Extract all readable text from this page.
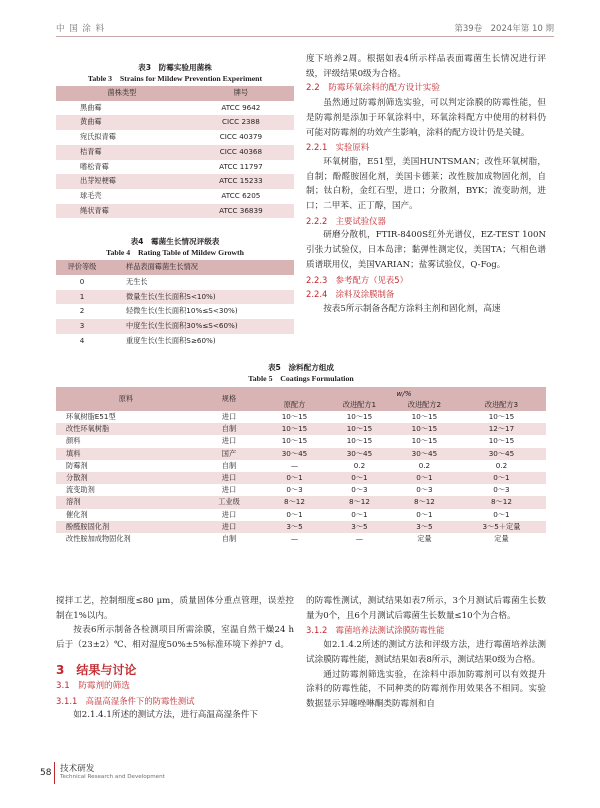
中 国 涂 料	第39卷　2024年第 10 期
表3　防霉实验用菌株
Table 3　Strains for Mildew Prevention Experiment
菌株类型	牌号
黑曲霉	ATCC 9642
黄曲霉	CICC 2388
宛氏拟青霉	CICC 40379
桔青霉	CICC 40368
嗜松青霉	ATCC 11797
出芽短梗霉	ATCC 15233
球毛壳	ATCC 6205
绳状青霉	ATCC 36839
表4　霉菌生长情况评级表
Table 4　Rating Table of Mildew Growth
评价等级	样品表面霉菌生长情况
0	无生长
1	微量生长(生长面积S<10%)
2	轻微生长(生长面积10%≤S<30%)
3	中度生长(生长面积30%≤S<60%)
4	重度生长(生长面积S≥60%)

度下培养2周。根据如表4所示样品表面霉菌生长情况进行评级，评级结果0级为合格。

2.2　防霉环氧涂料的配方设计实验

虽然通过防霉剂筛选实验，可以判定涂膜的防霉性能，但是防霉剂是添加于环氧涂料中，环氧涂料配方中使用的材料仍可能对防霉剂的功效产生影响，涂料的配方设计仍是关键。

2.2.1　实验原料

环氧树脂，E51型，美国HUNTSMAN；改性环氧树脂，自制；酚醛胺固化剂，美国卡德莱；改性胺加成物固化剂，自制；钛白粉，金红石型，进口；分散剂，BYK；流变助剂，进口；二甲苯、正丁醇，国产。

2.2.2　主要试验仪器

研磨分散机，FTIR-8400S红外光谱仪，EZ-TEST 100N引张力试验仪，日本岛津；黏弹性测定仪，美国TA；气相色谱质谱联用仪，美国VARIAN；盐雾试验仪，Q-Fog。

2.2.3　参考配方（见表5）
2.2.4　涂料及涂膜制备

按表5所示制备各配方涂料主剂和固化剂，高速

表5　涂料配方组成
Table 5　Coatings Formulation
原料	规格	w/%			
		原配方	改进配方1	改进配方2	改进配方3
环氧树脂E51型	进口	10～15	10～15	10～15	10～15
改性环氧树脂	自制	10～15	10～15	10～15	12～17
颜料	进口	10～15	10～15	10～15	10～15
填料	国产	30～45	30～45	30～45	30～45
防霉剂	自制	—	0.2	0.2	0.2
分散剂	进口	0～1	0～1	0～1	0～1
流变助剂	进口	0～3	0～3	0～3	0～3
溶剂	工业级	8～12	8～12	8～12	8～12
催化剂	进口	0～1	0～1	0～1	0～1
酚醛胺固化剂	进口	3～5	3～5	3～5	3～5＋定量
改性胺加成物固化剂	自制	—	—	定量	定量

搅拌工艺，控制细度≤80 μm，质量固体分重点管理，误差控制在1%以内。

按表6所示制备各检测项目所需涂膜，室温自然干燥24 h后于（23±2）℃、相对湿度50%±5%标准环境下养护7 d。

3　结果与讨论
3.1　防霉剂的筛选
3.1.1　高温高湿条件下的防霉性测试

如2.1.4.1所述的测试方法，进行高温高湿条件下

的防霉性测试，测试结果如表7所示，3个月测试后霉菌生长数量为0个，且6个月测试后霉菌生长数量≤10个为合格。

3.1.2　霉菌培养法测试涂膜防霉性能

如2.1.4.2所述的测试方法和评级方法，进行霉菌培养法测试涂膜防霉性能，测试结果如表8所示，测试结果0级为合格。

通过防霉剂筛选实验，在涂料中添加防霉剂可以有效提升涂料的防霉性能，不同种类的防霉剂作用效果各不相同。实验数据显示异噻唑啉酮类防霉剂和自

58 技术研发
Technical Research and Development
